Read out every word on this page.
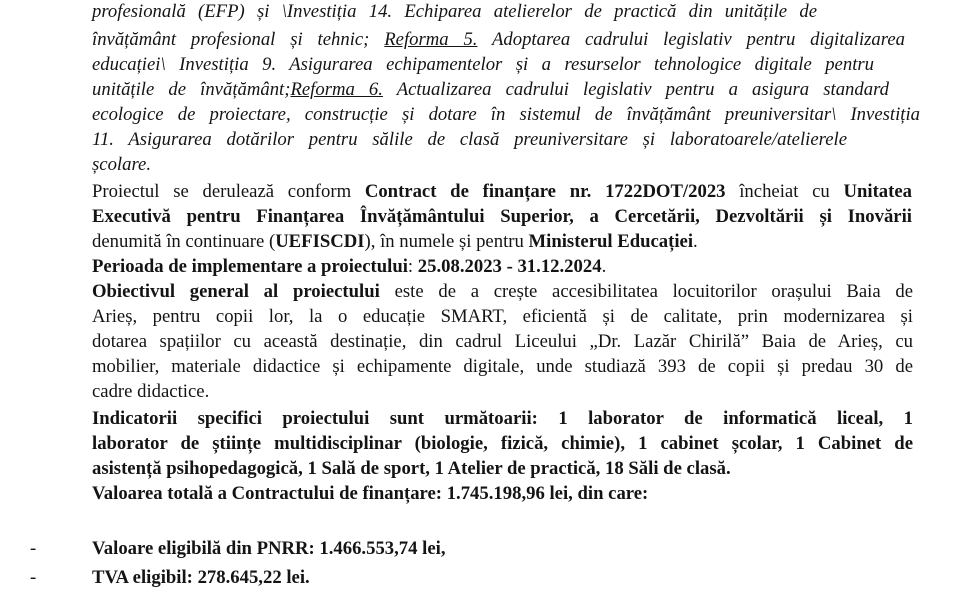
profesională (EFP) și \Investiția 14. Echiparea atelierelor de practică din unitățile de
învățământ profesional și tehnic; Reforma 5. Adoptarea cadrului legislativ pentru digitalizarea
educației\ Investiția 9. Asigurarea echipamentelor și a resurselor tehnologice digitale pentru
unitățile de învățământ;Reforma 6. Actualizarea cadrului legislativ pentru a asigura standard
ecologice de proiectare, construcție și dotare în sistemul de învățământ preuniversitar\ Investiția
11. Asigurarea dotărilor pentru sălile de clasă preuniversitare și laboratoarele/atelierele
școlare.
Proiectul se derulează conform Contract de finanțare nr. 1722DOT/2023 încheiat cu Unitatea
Executivă pentru Finanțarea Învățământului Superior, a Cercetării, Dezvoltării și Inovării
denumită în continuare (UEFISCDI), în numele și pentru Ministerul Educației.
Perioada de implementare a proiectului: 25.08.2023 - 31.12.2024.
Obiectivul general al proiectului este de a crește accesibilitatea locuitorilor orașului Baia de
Arieș, pentru copii lor, la o educație SMART, eficientă și de calitate, prin modernizarea și
dotarea spațiilor cu această destinație, din cadrul Liceului „Dr. Lazăr Chirilă” Baia de Arieș, cu
mobilier, materiale didactice și echipamente digitale, unde studiază 393 de copii și predau 30 de
cadre didactice.
Indicatorii specifici proiectului sunt următoarii: 1 laborator de informatică liceal, 1
laborator de științe multidisciplinar (biologie, fizică, chimie), 1 cabinet școlar, 1 Cabinet de
asistență psihopedagogică, 1 Sală de sport, 1 Atelier de practică, 18 Săli de clasă.
Valoarea totală a Contractului de finanțare: 1.745.198,96 lei, din care:
-	Valoare eligibilă din PNRR: 1.466.553,74 lei,
-	TVA eligibil: 278.645,22 lei.
